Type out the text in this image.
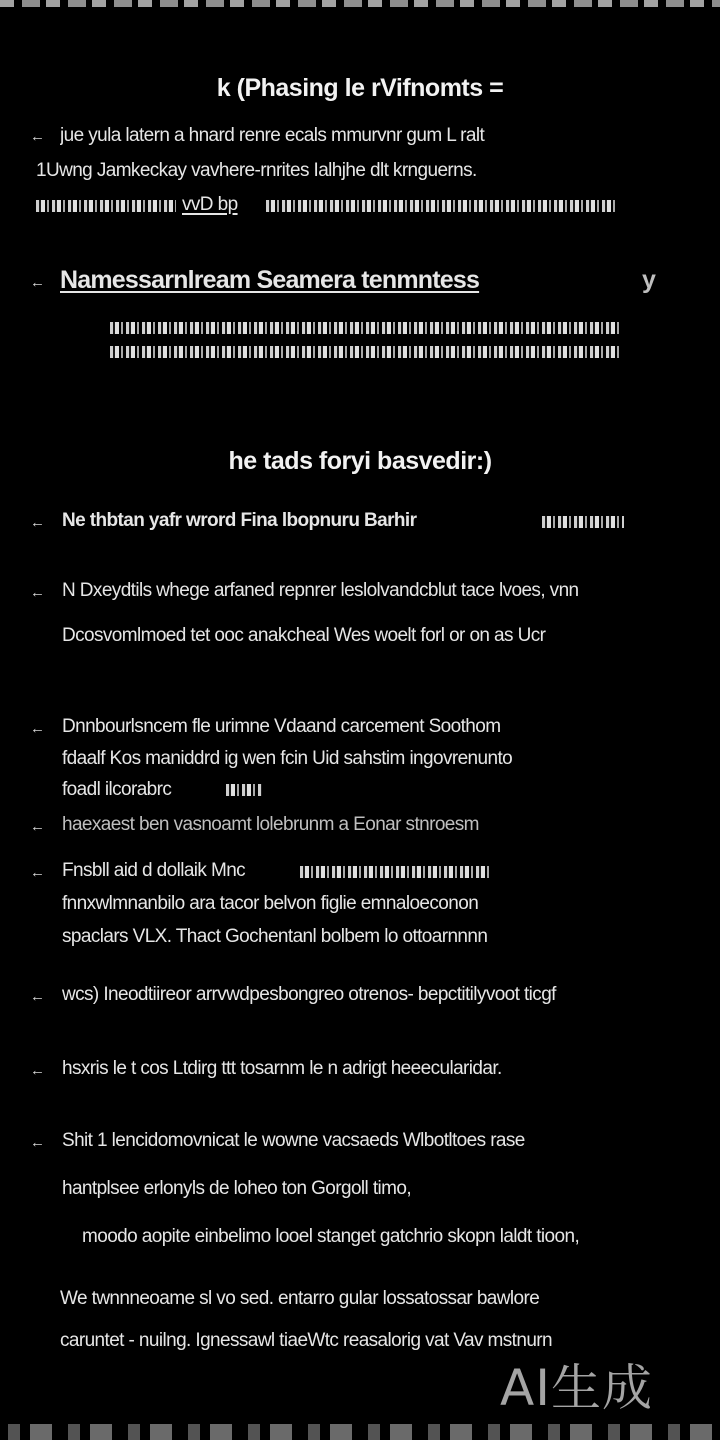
k (Phasing le rVifnomts =
←
jue yula latern a hnard renre ecals mmurvnr gum L ralt
1Uwng Jamkeckay vavhere-rnrites Ialhjhe dlt krnguerns.
vvD bp
←
Namessarnlream Seamera tenmntess	y
he tads foryi basvedir:)
←
Ne thbtan yafr wrord Fina lbopnuru Barhir
←
N Dxeydtils whege arfaned repnrer leslolvandcblut tace lvoes, vnn
Dcosvomlmoed tet ooc anakcheal Wes woelt forl or on as Ucr
←
Dnnbourlsncem fle urimne Vdaand carcement Soothom
fdaalf Kos maniddrd ig wen fcin Uid sahstim ingovrenunto
foadl ilcorabrc
←
haexaest ben vasnoamt lolebrunm a Eonar stnroesm
←
Fnsbll aid d dollaik Mnc
fnnxwlmnanbilo ara tacor belvon figlie emnaloeconon
spaclars VLX. Thact Gochentanl bolbem lo ottoarnnnn
←
wcs) Ineodtiireor arrvwdpesbongreo otrenos- bepctitilyvoot ticgf
←
hsxris le t cos Ltdirg ttt tosarnm le n adrigt heeecularidar.
←
Shit 1 lencidomovnicat le wowne vacsaeds Wlbotltoes rase
hantplsee erlonyls de loheo ton Gorgoll timo,
moodo aopite einbelimo looel stanget gatchrio skopn laldt tioon,
We twnnneoame sl vo sed. entarro gular lossatossar bawlore
caruntet - nuilng. Ignessawl tiaeWtc reasalorig vat Vav mstnurn
AI生成
